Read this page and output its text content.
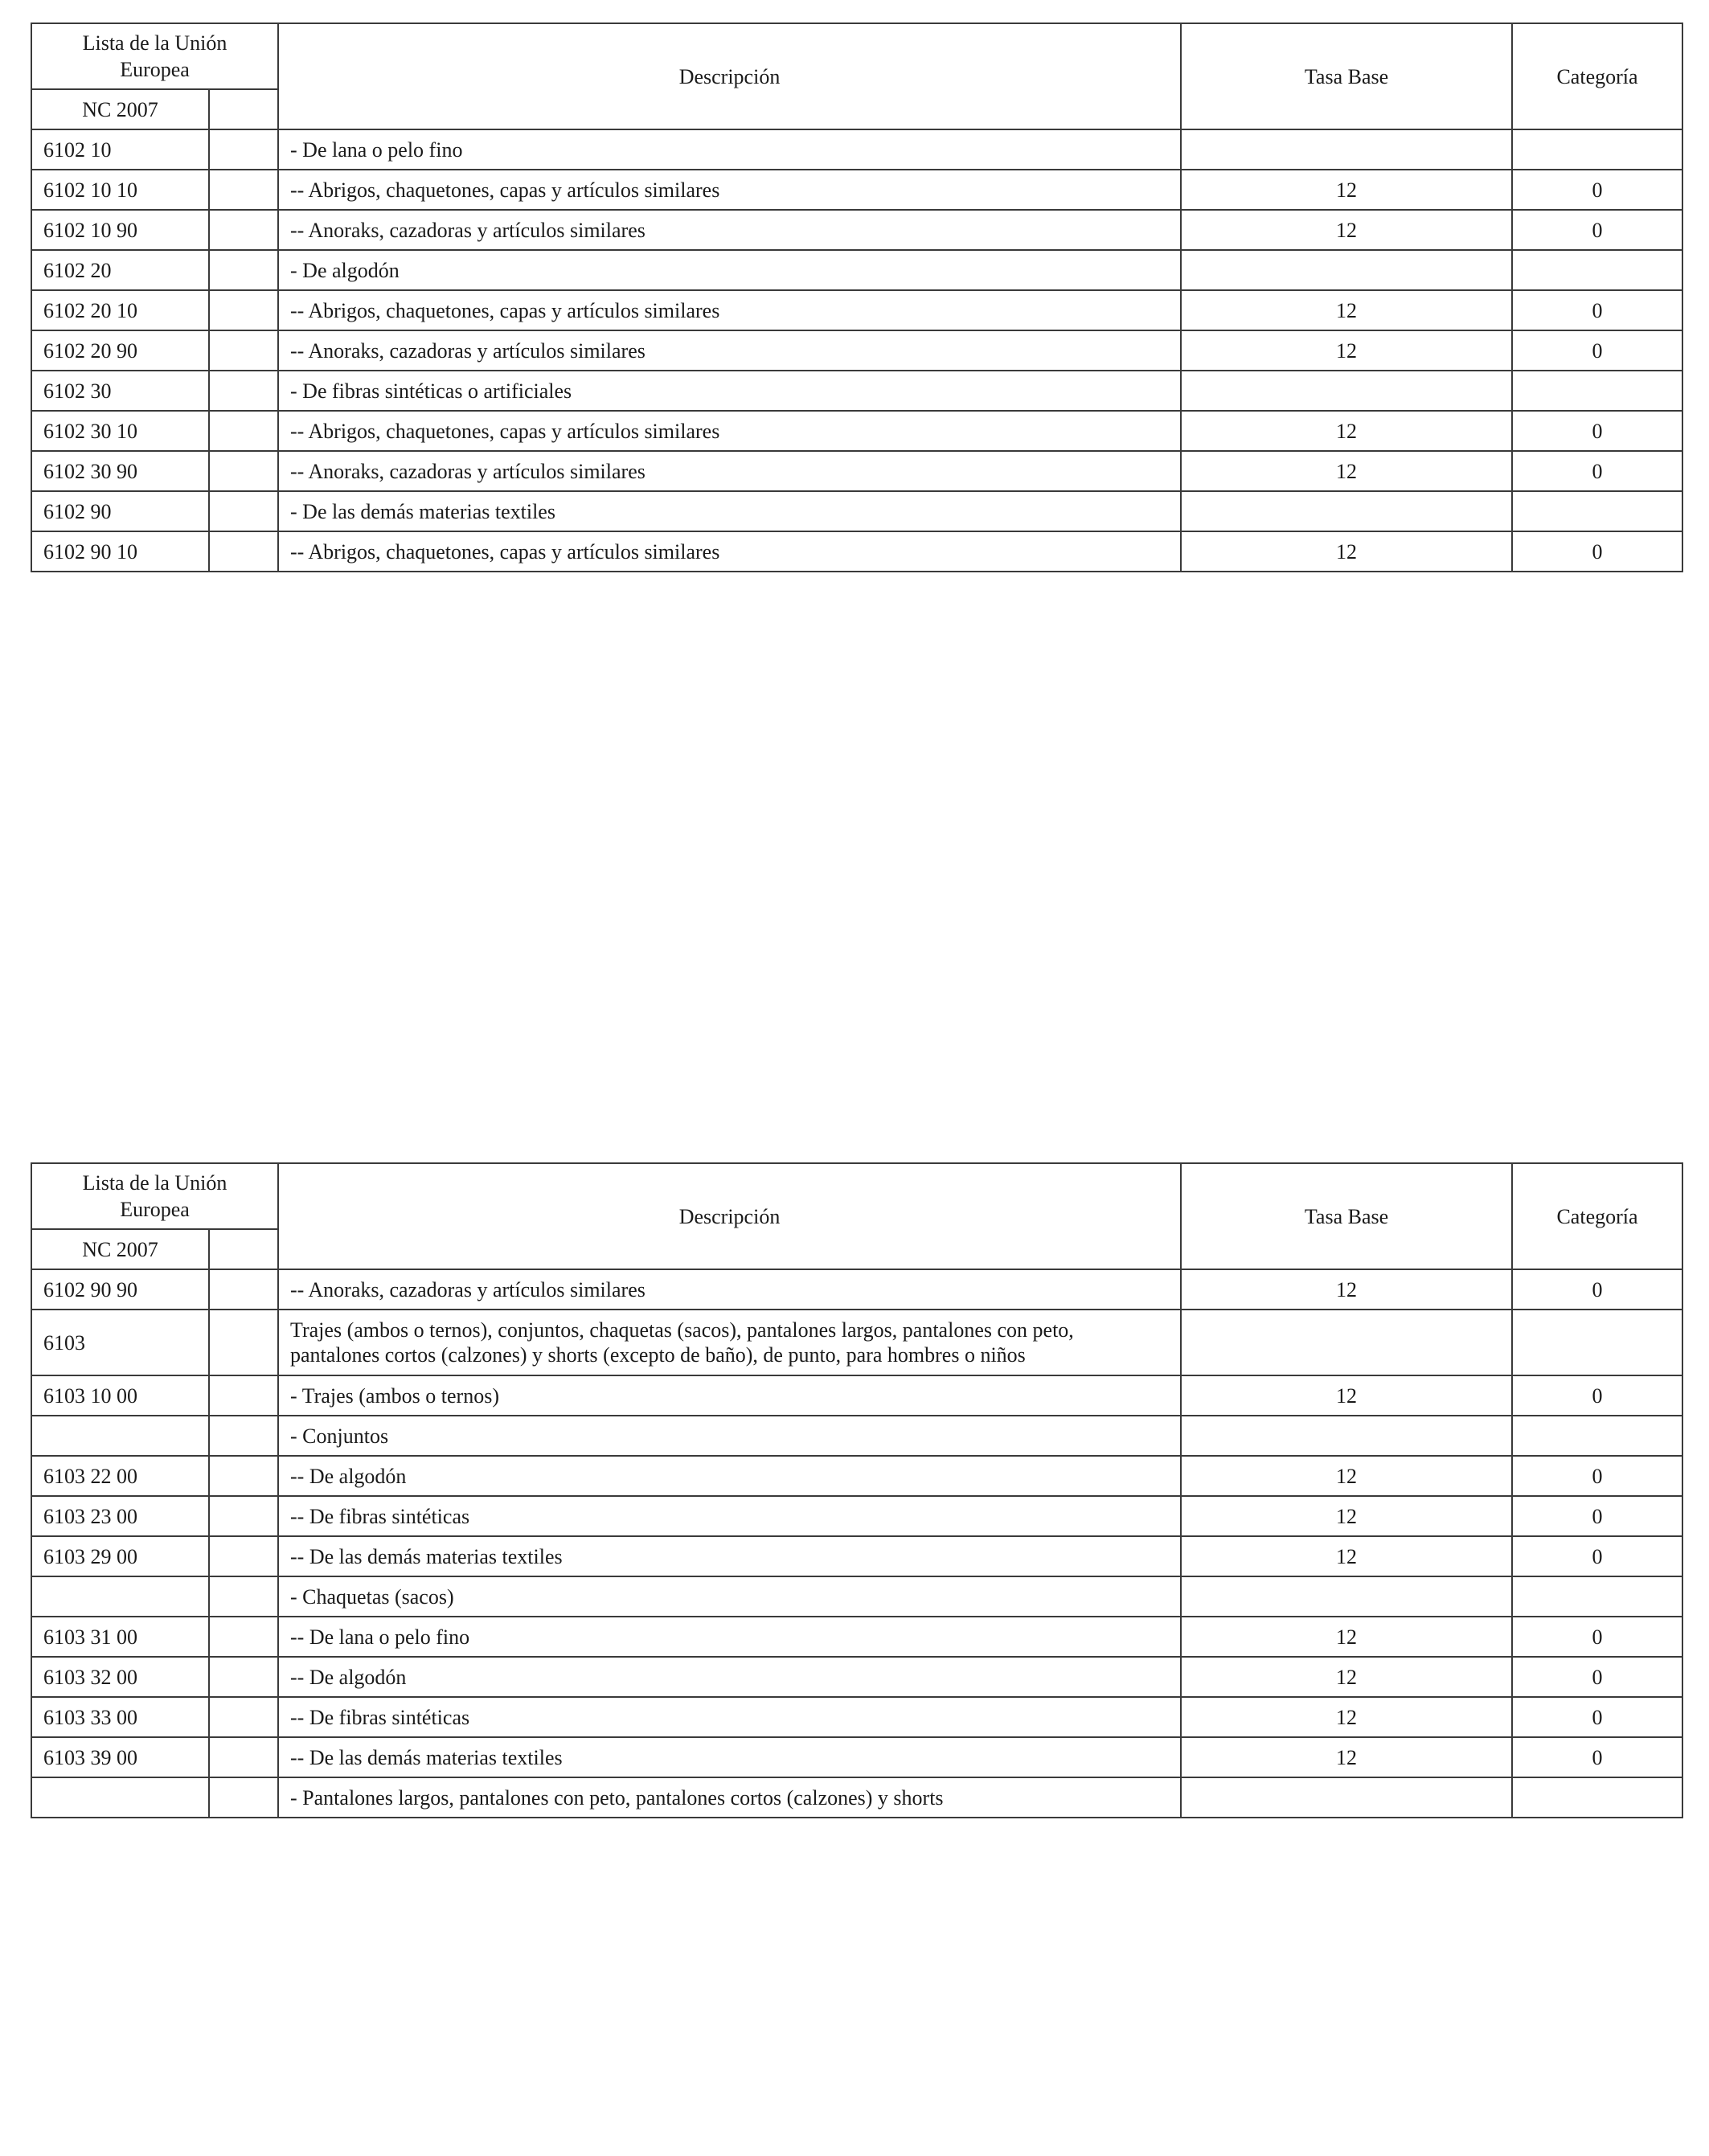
Lista de la Unión
Europea		Descripción	Tasa Base	Categoría
NC 2007				
6102 10		- De lana o pelo fino		
6102 10 10		-- Abrigos, chaquetones, capas y artículos similares	12	0
6102 10 90		-- Anoraks, cazadoras y artículos similares	12	0
6102 20		- De algodón		
6102 20 10		-- Abrigos, chaquetones, capas y artículos similares	12	0
6102 20 90		-- Anoraks, cazadoras y artículos similares	12	0
6102 30		- De fibras sintéticas o artificiales		
6102 30 10		-- Abrigos, chaquetones, capas y artículos similares	12	0
6102 30 90		-- Anoraks, cazadoras y artículos similares	12	0
6102 90		- De las demás materias textiles		
6102 90 10		-- Abrigos, chaquetones, capas y artículos similares	12	0
Lista de la Unión
Europea		Descripción	Tasa Base	Categoría
NC 2007				
6102 90 90		-- Anoraks, cazadoras y artículos similares	12	0
6103		Trajes (ambos o ternos), conjuntos, chaquetas (sacos), pantalones largos, pantalones con peto,
pantalones cortos (calzones) y shorts (excepto de baño), de punto, para hombres o niños		
6103 10 00		- Trajes (ambos o ternos)	12	0
		- Conjuntos		
6103 22 00		-- De algodón	12	0
6103 23 00		-- De fibras sintéticas	12	0
6103 29 00		-- De las demás materias textiles	12	0
		- Chaquetas (sacos)		
6103 31 00		-- De lana o pelo fino	12	0
6103 32 00		-- De algodón	12	0
6103 33 00		-- De fibras sintéticas	12	0
6103 39 00		-- De las demás materias textiles	12	0
		- Pantalones largos, pantalones con peto, pantalones cortos (calzones) y shorts		
